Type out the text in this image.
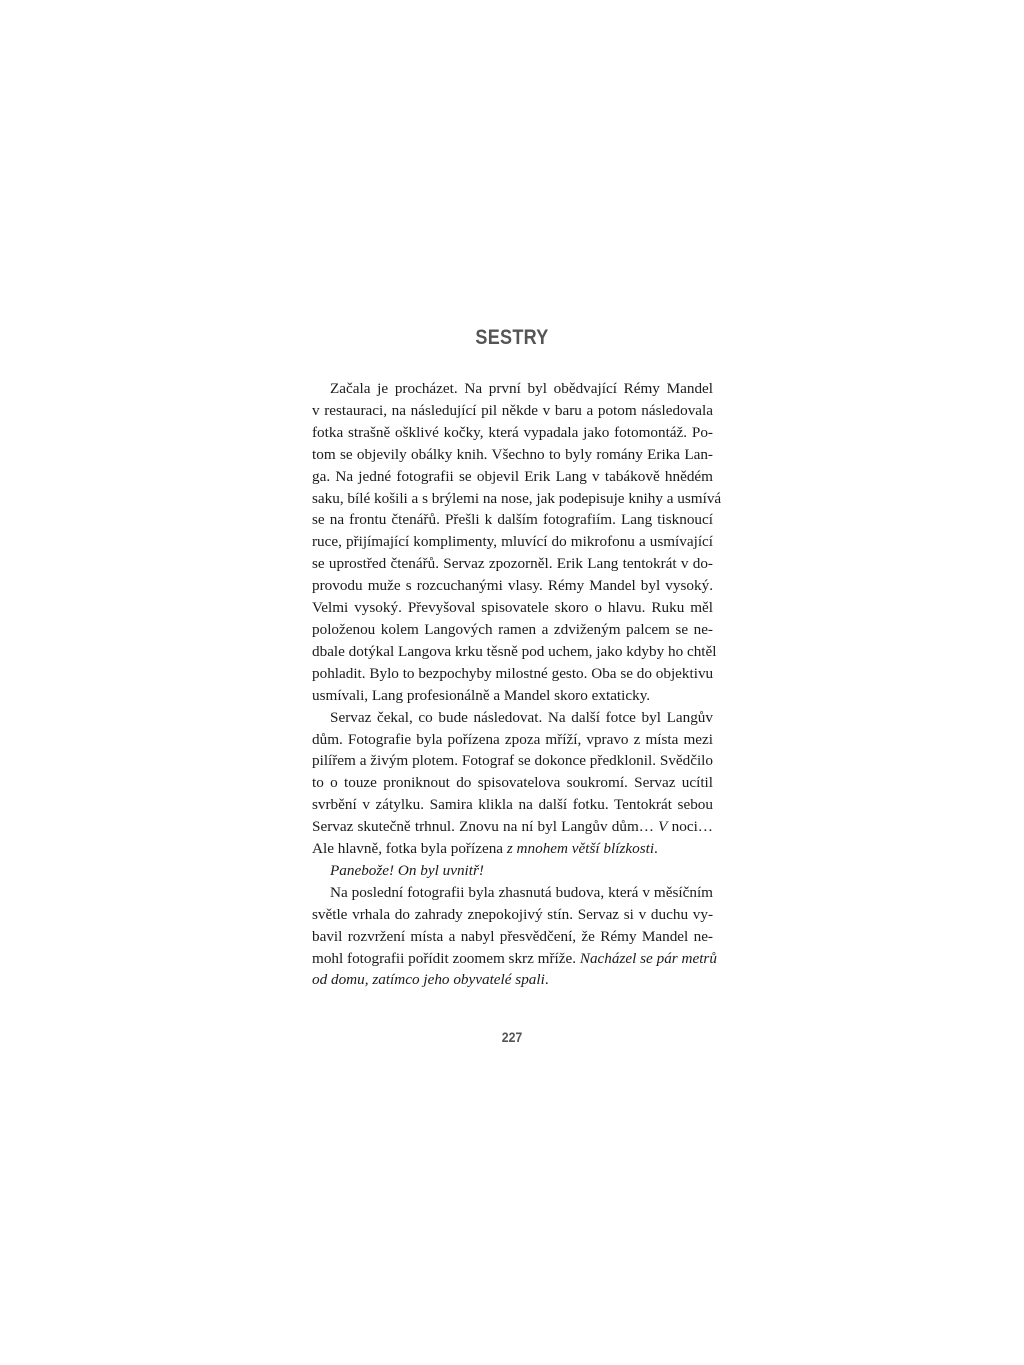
SESTRY
Začala je procházet. Na první byl obědvající Rémy Mandel
v restauraci, na následující pil někde v baru a potom následovala
fotka strašně ošklivé kočky, která vypadala jako fotomontáž. Po-
tom se objevily obálky knih. Všechno to byly romány Erika Lan-
ga. Na jedné fotografii se objevil Erik Lang v tabákově hnědém
saku, bílé košili a s brýlemi na nose, jak podepisuje knihy a usmívá
se na frontu čtenářů. Přešli k dalším fotografiím. Lang tisknoucí
ruce, přijímající komplimenty, mluvící do mikrofonu a usmívající
se uprostřed čtenářů. Servaz zpozorněl. Erik Lang tentokrát v do-
provodu muže s rozcuchanými vlasy. Rémy Mandel byl vysoký.
Velmi vysoký. Převyšoval spisovatele skoro o hlavu. Ruku měl
položenou kolem Langových ramen a zdviženým palcem se ne-
dbale dotýkal Langova krku těsně pod uchem, jako kdyby ho chtěl
pohladit. Bylo to bezpochyby milostné gesto. Oba se do objektivu
usmívali, Lang profesionálně a Mandel skoro extaticky.
Servaz čekal, co bude následovat. Na další fotce byl Langův
dům. Fotografie byla pořízena zpoza mříží, vpravo z místa mezi
pilířem a živým plotem. Fotograf se dokonce předklonil. Svědčilo
to o touze proniknout do spisovatelova soukromí. Servaz ucítil
svrbění v zátylku. Samira klikla na další fotku. Tentokrát sebou
Servaz skutečně trhnul. Znovu na ní byl Langův dům… V noci…
Ale hlavně, fotka byla pořízena z mnohem větší blízkosti.
Panebože! On byl uvnitř!
Na poslední fotografii byla zhasnutá budova, která v měsíčním
světle vrhala do zahrady znepokojivý stín. Servaz si v duchu vy-
bavil rozvržení místa a nabyl přesvědčení, že Rémy Mandel ne-
mohl fotografii pořídit zoomem skrz mříže. Nacházel se pár metrů
od domu, zatímco jeho obyvatelé spali.
227
